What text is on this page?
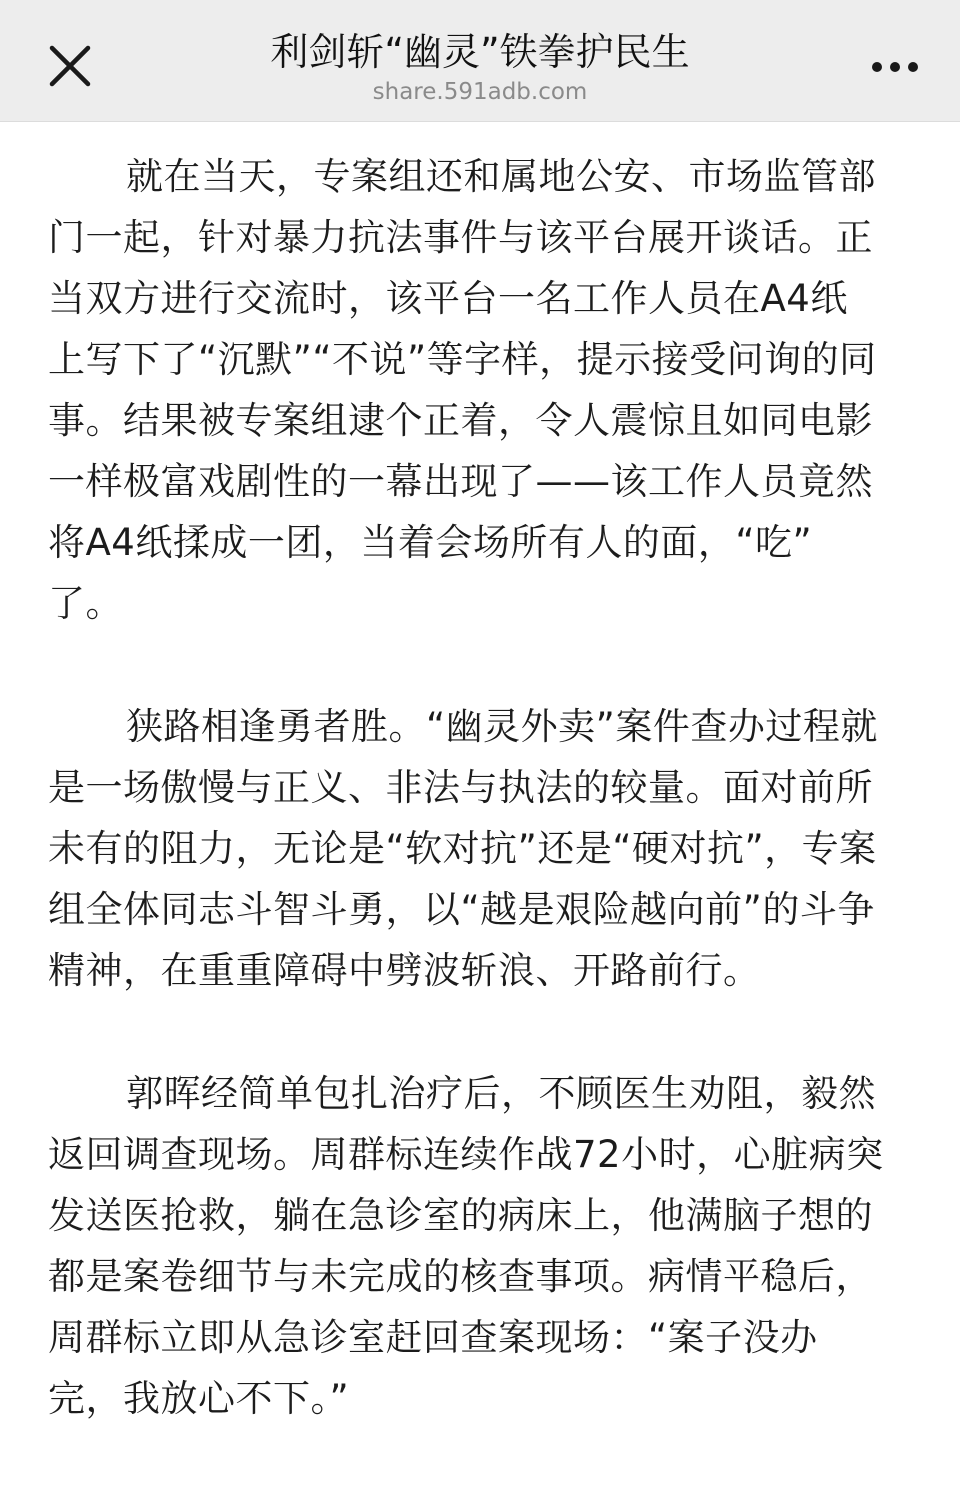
利剑斩“幽灵”铁拳护民生
share.591adb.com
就在当天，专案组还和属地公安、市场监管部
门一起，针对暴力抗法事件与该平台展开谈话。正
当双方进行交流时，该平台一名工作人员在A4纸
上写下了“沉默”“不说”等字样，提示接受问询的同
事。结果被专案组逮个正着，令人震惊且如同电影
一样极富戏剧性的一幕出现了——该工作人员竟然
将A4纸揉成一团，当着会场所有人的面，“吃”
了。
狭路相逢勇者胜。“幽灵外卖”案件查办过程就
是一场傲慢与正义、非法与执法的较量。面对前所
未有的阻力，无论是“软对抗”还是“硬对抗”，专案
组全体同志斗智斗勇，以“越是艰险越向前”的斗争
精神，在重重障碍中劈波斩浪、开路前行。
郭晖经简单包扎治疗后，不顾医生劝阻，毅然
返回调查现场。周群标连续作战72小时，心脏病突
发送医抢救，躺在急诊室的病床上，他满脑子想的
都是案卷细节与未完成的核查事项。病情平稳后，
周群标立即从急诊室赶回查案现场：“案子没办
完，我放心不下。”
